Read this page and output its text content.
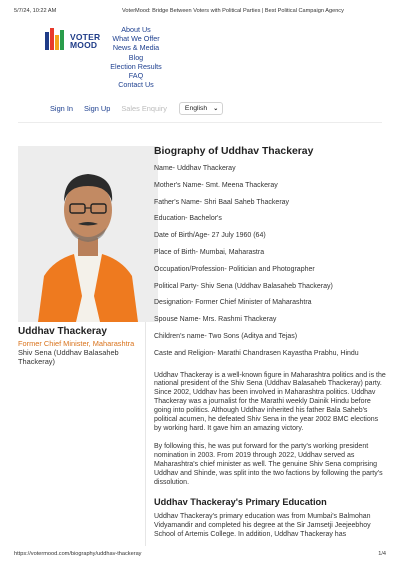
5/7/24, 10:22 AM	VoterMood: Bridge Between Voters with Political Parties | Best Political Campaign Agency
VOTER
MOOD
About Us
What We Offer
News & Media
Blog
Election Results
FAQ
Contact Us
Sign In Sign Up Sales Enquiry	English ⌄
Uddhav Thackeray
Former Chief Minister, Maharashtra
Shiv Sena (Uddhav Balasaheb Thackeray)
Biography of Uddhav Thackeray
Name- Uddhav Thackeray
Mother's Name- Smt. Meena Thackeray
Father's Name- Shri Baal Saheb Thackeray
Education- Bachelor's
Date of Birth/Age- 27 July 1960 (64)
Place of Birth- Mumbai, Maharastra
Occupation/Profession- Politician and Photographer
Political Party- Shiv Sena (Uddhav Balasaheb Thackeray)
Designation- Former Chief Minister of Maharashtra
Spouse Name- Mrs. Rashmi Thackeray
Children's name- Two Sons (Aditya and Tejas)
Caste and Religion- Marathi Chandrasen Kayastha Prabhu, Hindu

Uddhav Thackeray is a well-known figure in Maharashtra politics and is the national president of the Shiv Sena (Uddhav Balasaheb Thackeray) party. Since 2002, Uddhav has been involved in Maharashtra politics. Uddhav Thackeray was a journalist for the Marathi weekly Dainik Hindu before going into politics. Although Uddhav inherited his father Bala Saheb's political acumen, he defeated Shiv Sena in the year 2002 BMC elections by working hard. It gave him an amazing victory.

By following this, he was put forward for the party's working president nomination in 2003. From 2019 through 2022, Uddhav served as Maharashtra's chief minister as well. The genuine Shiv Sena comprising Uddhav and Shinde, was split into the two factions by following the party's dissolution.

Uddhav Thackeray's Primary Education

Uddhav Thackeray's primary education was from Mumbai's Balmohan Vidyamandir and completed his degree at the Sir Jamsetji Jeejeebhoy School of Artemis College. In addition, Uddhav Thackeray has

https://votermood.com/biography/uddhav-thackeray	1/4
